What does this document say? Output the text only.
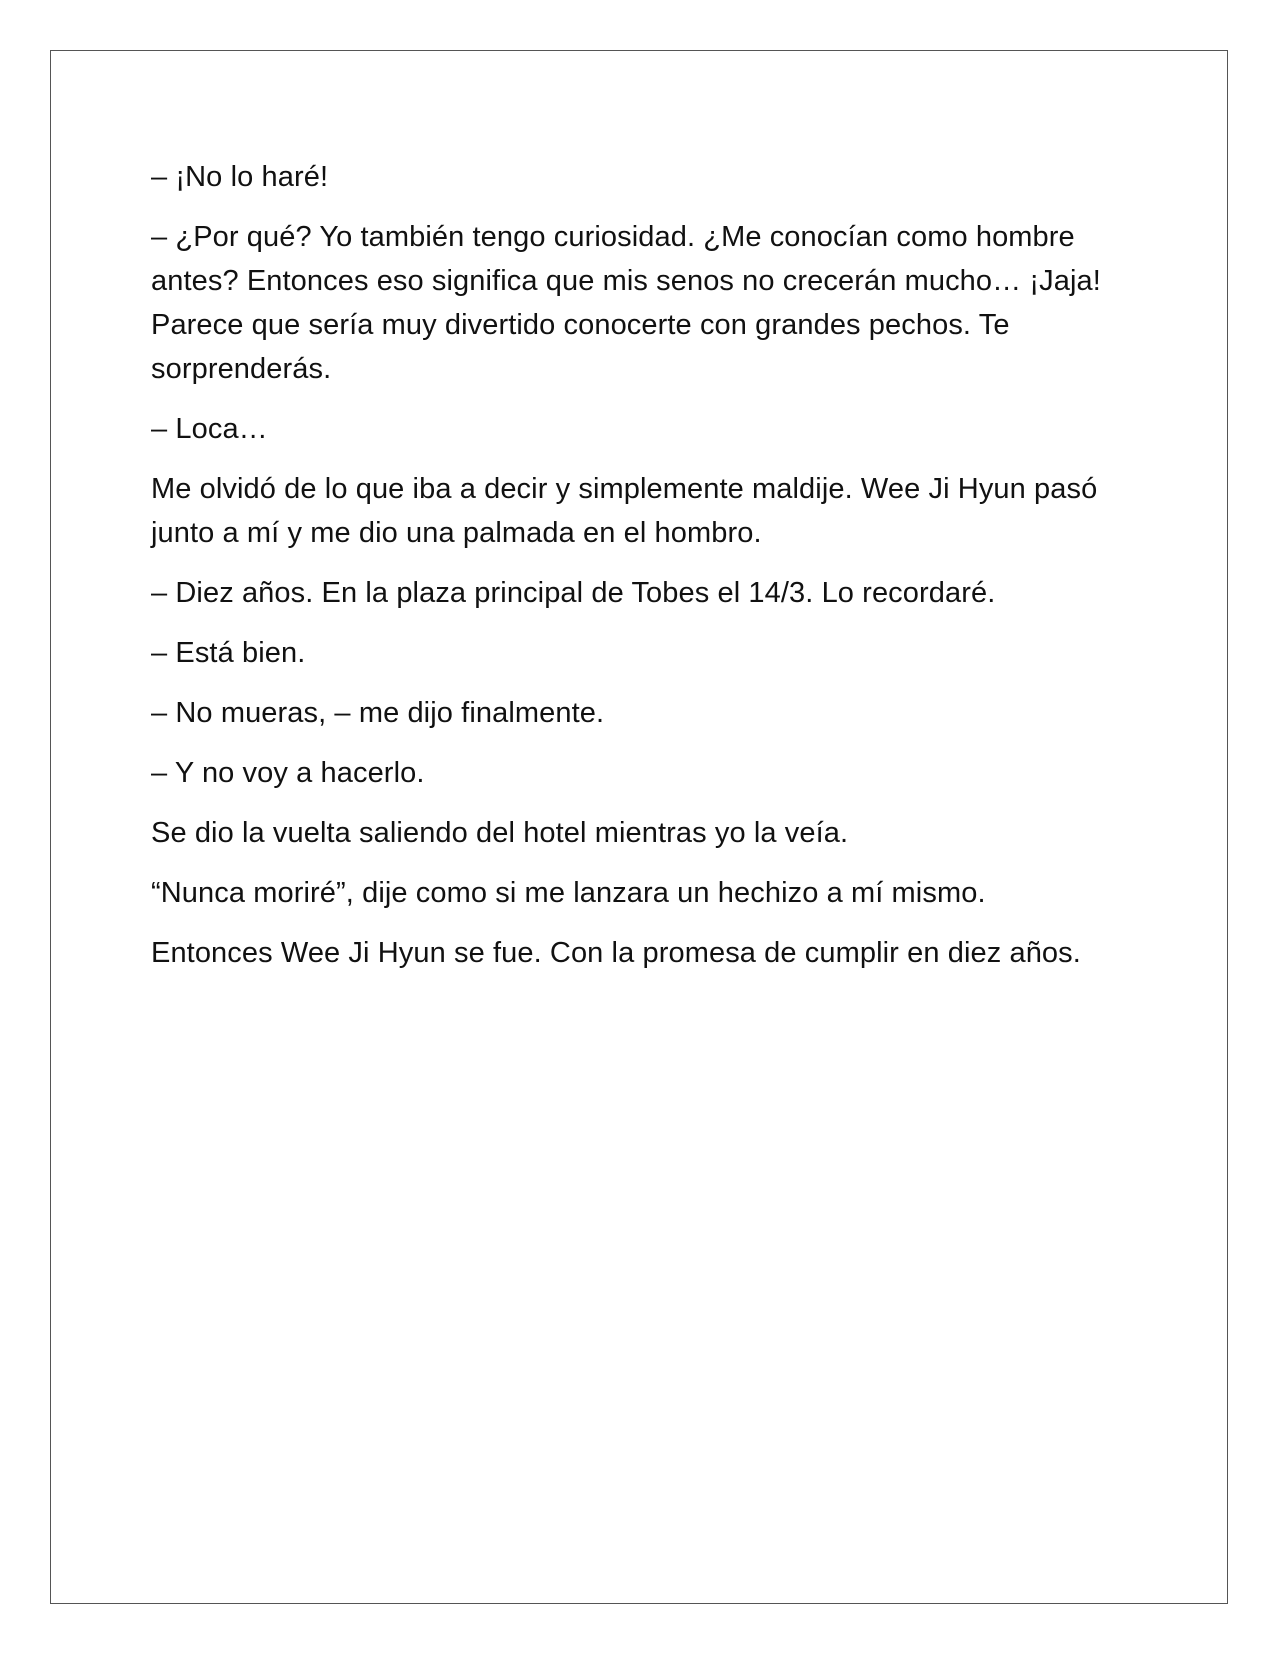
– ¡No lo haré!

– ¿Por qué? Yo también tengo curiosidad. ¿Me conocían como hombre antes? Entonces eso significa que mis senos no crecerán mucho… ¡Jaja! Parece que sería muy divertido conocerte con grandes pechos. Te sorprenderás.

– Loca…

Me olvidó de lo que iba a decir y simplemente maldije. Wee Ji Hyun pasó junto a mí y me dio una palmada en el hombro.

– Diez años. En la plaza principal de Tobes el 14/3. Lo recordaré.

– Está bien.

– No mueras, – me dijo finalmente.

– Y no voy a hacerlo.

Se dio la vuelta saliendo del hotel mientras yo la veía.

“Nunca moriré”, dije como si me lanzara un hechizo a mí mismo.

Entonces Wee Ji Hyun se fue. Con la promesa de cumplir en diez años.
